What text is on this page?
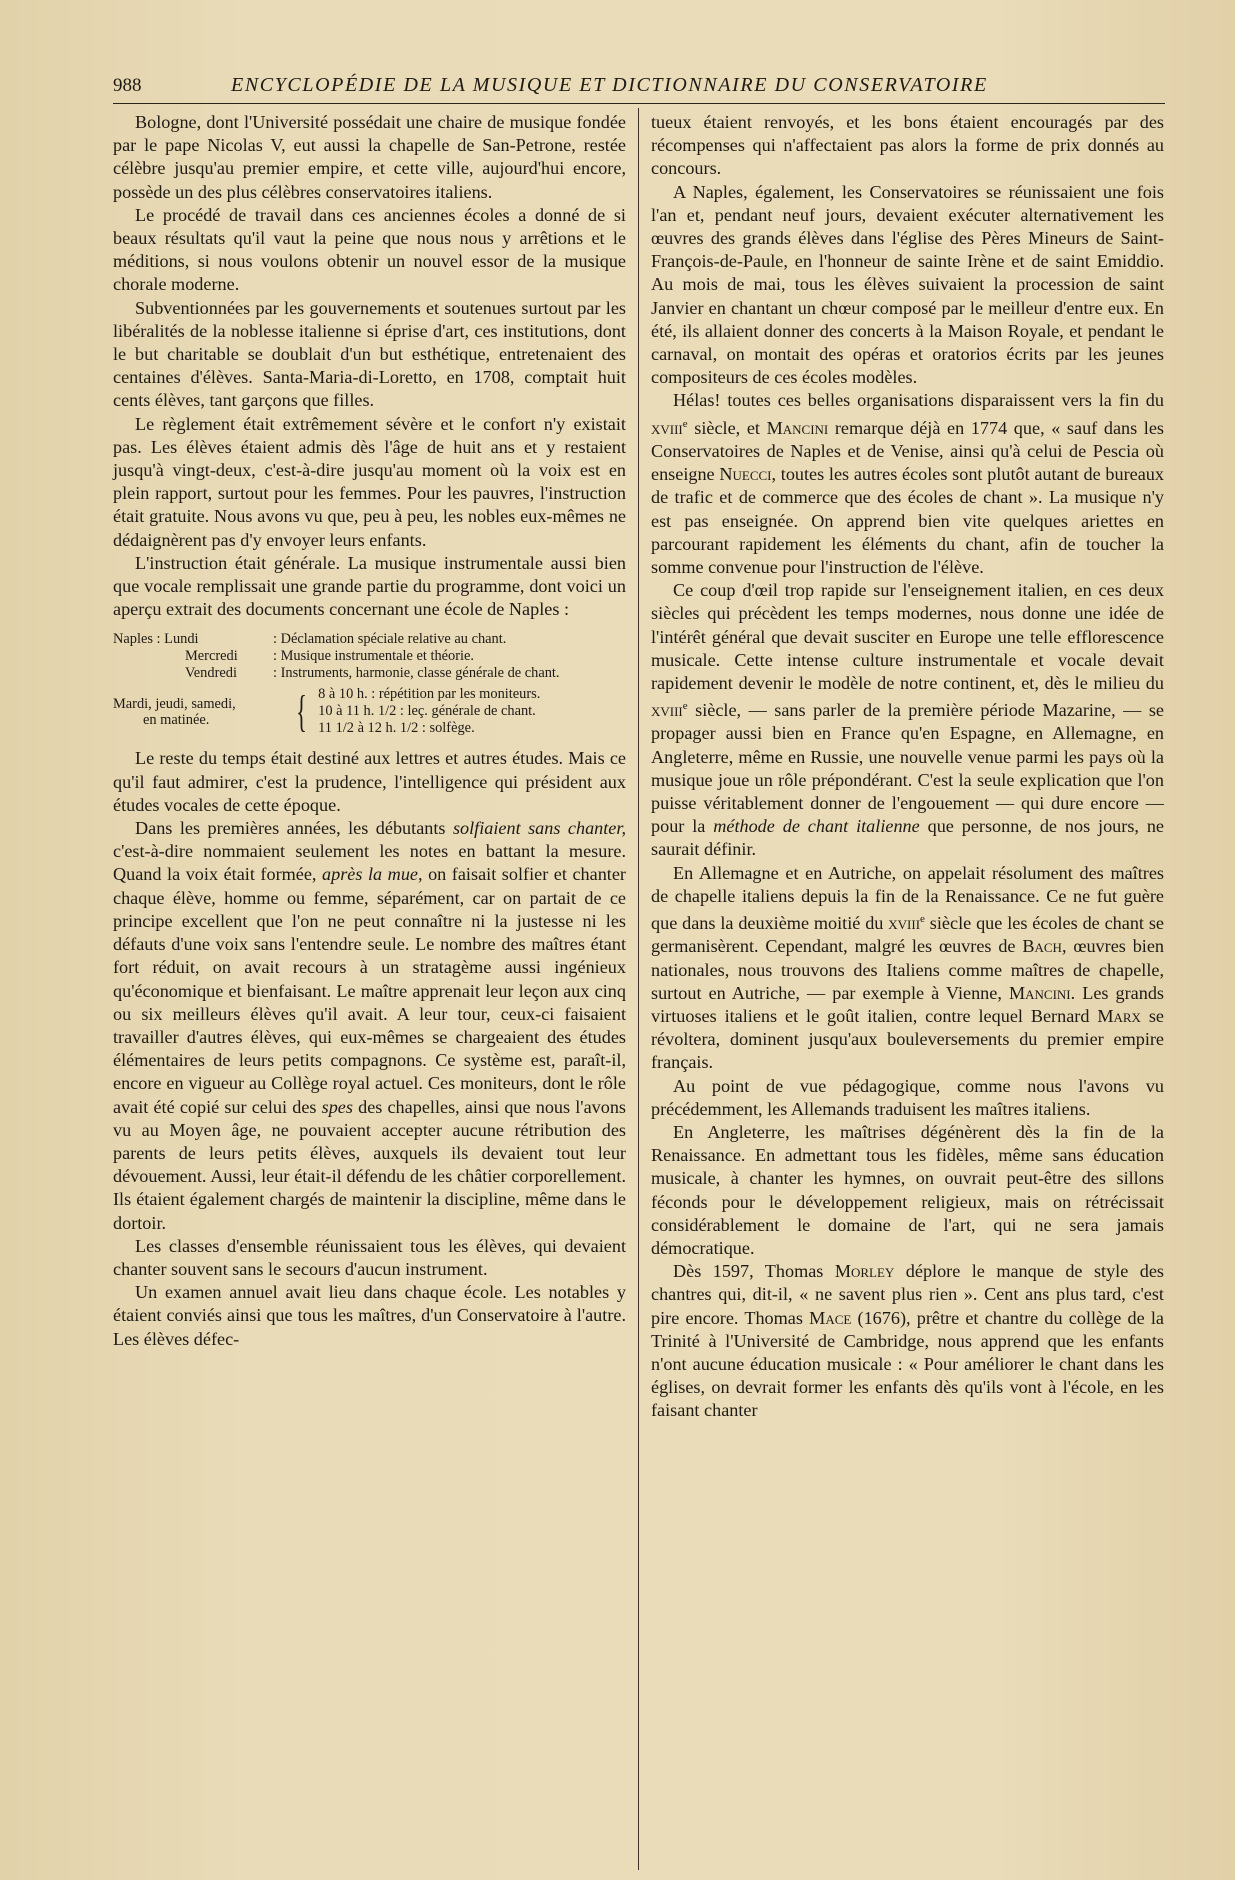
988	ENCYCLOPÉDIE DE LA MUSIQUE ET DICTIONNAIRE DU CONSERVATOIRE

Bologne, dont l'Université possédait une chaire de musique fondée par le pape Nicolas V, eut aussi la chapelle de San-Petrone, restée célèbre jusqu'au premier empire, et cette ville, aujourd'hui encore, possède un des plus célèbres conservatoires italiens.

Le procédé de travail dans ces anciennes écoles a donné de si beaux résultats qu'il vaut la peine que nous nous y arrêtions et le méditions, si nous voulons obtenir un nouvel essor de la musique chorale moderne.

Subventionnées par les gouvernements et soutenues surtout par les libéralités de la noblesse italienne si éprise d'art, ces institutions, dont le but charitable se doublait d'un but esthétique, entretenaient des centaines d'élèves. Santa-Maria-di-Loretto, en 1708, comptait huit cents élèves, tant garçons que filles.

Le règlement était extrêmement sévère et le confort n'y existait pas. Les élèves étaient admis dès l'âge de huit ans et y restaient jusqu'à vingt-deux, c'est-à-dire jusqu'au moment où la voix est en plein rapport, surtout pour les femmes. Pour les pauvres, l'instruction était gratuite. Nous avons vu que, peu à peu, les nobles eux-mêmes ne dédaignèrent pas d'y envoyer leurs enfants.

L'instruction était générale. La musique instrumentale aussi bien que vocale remplissait une grande partie du programme, dont voici un aperçu extrait des documents concernant une école de Naples :

Naples : Lundi	: Déclamation spéciale relative au chant.
Mercredi	: Musique instrumentale et théorie.
Vendredi	: Instruments, harmonie, classe générale de chant.
Mardi, jeudi, samedi,
en matinée.	{ 8 à 10 h. : répétition par les moniteurs.
10 à 11 h. 1/2 : leç. générale de chant.
11 1/2 à 12 h. 1/2 : solfège.

Le reste du temps était destiné aux lettres et autres études. Mais ce qu'il faut admirer, c'est la prudence, l'intelligence qui président aux études vocales de cette époque.

Dans les premières années, les débutants solfiaient sans chanter, c'est-à-dire nommaient seulement les notes en battant la mesure. Quand la voix était formée, après la mue, on faisait solfier et chanter chaque élève, homme ou femme, séparément, car on partait de ce principe excellent que l'on ne peut connaître ni la justesse ni les défauts d'une voix sans l'entendre seule. Le nombre des maîtres étant fort réduit, on avait recours à un stratagème aussi ingénieux qu'économique et bienfaisant. Le maître apprenait leur leçon aux cinq ou six meilleurs élèves qu'il avait. A leur tour, ceux-ci faisaient travailler d'autres élèves, qui eux-mêmes se chargeaient des études élémentaires de leurs petits compagnons. Ce système est, paraît-il, encore en vigueur au Collège royal actuel. Ces moniteurs, dont le rôle avait été copié sur celui des spes des chapelles, ainsi que nous l'avons vu au Moyen âge, ne pouvaient accepter aucune rétribution des parents de leurs petits élèves, auxquels ils devaient tout leur dévouement. Aussi, leur était-il défendu de les châtier corporellement. Ils étaient également chargés de maintenir la discipline, même dans le dortoir.

Les classes d'ensemble réunissaient tous les élèves, qui devaient chanter souvent sans le secours d'aucun instrument.

Un examen annuel avait lieu dans chaque école. Les notables y étaient conviés ainsi que tous les maîtres, d'un Conservatoire à l'autre. Les élèves défec-

tueux étaient renvoyés, et les bons étaient encouragés par des récompenses qui n'affectaient pas alors la forme de prix donnés au concours.

A Naples, également, les Conservatoires se réunissaient une fois l'an et, pendant neuf jours, devaient exécuter alternativement les œuvres des grands élèves dans l'église des Pères Mineurs de Saint-François-de-Paule, en l'honneur de sainte Irène et de saint Emiddio. Au mois de mai, tous les élèves suivaient la procession de saint Janvier en chantant un chœur composé par le meilleur d'entre eux. En été, ils allaient donner des concerts à la Maison Royale, et pendant le carnaval, on montait des opéras et oratorios écrits par les jeunes compositeurs de ces écoles modèles.

Hélas! toutes ces belles organisations disparaissent vers la fin du xviii$^e$ siècle, et Mancini remarque déjà en 1774 que, « sauf dans les Conservatoires de Naples et de Venise, ainsi qu'à celui de Pescia où enseigne Nuecci, toutes les autres écoles sont plutôt autant de bureaux de trafic et de commerce que des écoles de chant ». La musique n'y est pas enseignée. On apprend bien vite quelques ariettes en parcourant rapidement les éléments du chant, afin de toucher la somme convenue pour l'instruction de l'élève.

Ce coup d'œil trop rapide sur l'enseignement italien, en ces deux siècles qui précèdent les temps modernes, nous donne une idée de l'intérêt général que devait susciter en Europe une telle efflorescence musicale. Cette intense culture instrumentale et vocale devait rapidement devenir le modèle de notre continent, et, dès le milieu du xviii$^e$ siècle, — sans parler de la première période Mazarine, — se propager aussi bien en France qu'en Espagne, en Allemagne, en Angleterre, même en Russie, une nouvelle venue parmi les pays où la musique joue un rôle prépondérant. C'est la seule explication que l'on puisse véritablement donner de l'engouement — qui dure encore — pour la méthode de chant italienne que personne, de nos jours, ne saurait définir.

En Allemagne et en Autriche, on appelait résolument des maîtres de chapelle italiens depuis la fin de la Renaissance. Ce ne fut guère que dans la deuxième moitié du xviii$^e$ siècle que les écoles de chant se germanisèrent. Cependant, malgré les œuvres de Bach, œuvres bien nationales, nous trouvons des Italiens comme maîtres de chapelle, surtout en Autriche, — par exemple à Vienne, Mancini. Les grands virtuoses italiens et le goût italien, contre lequel Bernard Marx se révoltera, dominent jusqu'aux bouleversements du premier empire français.

Au point de vue pédagogique, comme nous l'avons vu précédemment, les Allemands traduisent les maîtres italiens.

En Angleterre, les maîtrises dégénèrent dès la fin de la Renaissance. En admettant tous les fidèles, même sans éducation musicale, à chanter les hymnes, on ouvrait peut-être des sillons féconds pour le développement religieux, mais on rétrécissait considérablement le domaine de l'art, qui ne sera jamais démocratique.

Dès 1597, Thomas Morley déplore le manque de style des chantres qui, dit-il, « ne savent plus rien ». Cent ans plus tard, c'est pire encore. Thomas Mace (1676), prêtre et chantre du collège de la Trinité à l'Université de Cambridge, nous apprend que les enfants n'ont aucune éducation musicale : « Pour améliorer le chant dans les églises, on devrait former les enfants dès qu'ils vont à l'école, en les faisant chanter
